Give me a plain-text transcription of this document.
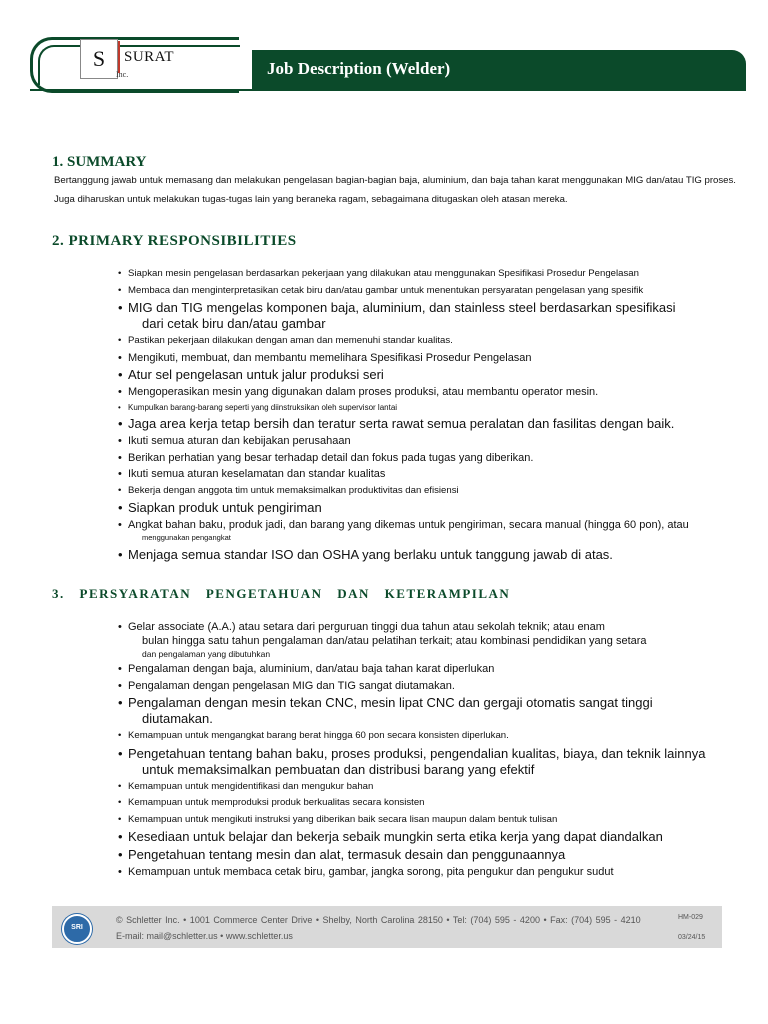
S	SURAT
Inc.	Job Description (Welder)
1. SUMMARY
Bertanggung jawab untuk memasang dan melakukan pengelasan bagian-bagian baja, aluminium, dan baja tahan karat menggunakan MIG dan/atau TIG proses. Juga diharuskan untuk melakukan tugas-tugas lain yang beraneka ragam, sebagaimana ditugaskan oleh atasan mereka.
2. PRIMARY RESPONSIBILITIES
• Siapkan mesin pengelasan berdasarkan pekerjaan yang dilakukan atau menggunakan Spesifikasi Prosedur Pengelasan
• Membaca dan menginterpretasikan cetak biru dan/atau gambar untuk menentukan persyaratan pengelasan yang spesifik
• MIG dan TIG mengelas komponen baja, aluminium, dan stainless steel berdasarkan spesifikasi
dari cetak biru dan/atau gambar
• Pastikan pekerjaan dilakukan dengan aman dan memenuhi standar kualitas.
• Mengikuti, membuat, dan membantu memelihara Spesifikasi Prosedur Pengelasan
• Atur sel pengelasan untuk jalur produksi seri
• Mengoperasikan mesin yang digunakan dalam proses produksi, atau membantu operator mesin.
• Kumpulkan barang-barang seperti yang diinstruksikan oleh supervisor lantai
• Jaga area kerja tetap bersih dan teratur serta rawat semua peralatan dan fasilitas dengan baik.
• Ikuti semua aturan dan kebijakan perusahaan
• Berikan perhatian yang besar terhadap detail dan fokus pada tugas yang diberikan.
• Ikuti semua aturan keselamatan dan standar kualitas
• Bekerja dengan anggota tim untuk memaksimalkan produktivitas dan efisiensi
• Siapkan produk untuk pengiriman
• Angkat bahan baku, produk jadi, dan barang yang dikemas untuk pengiriman, secara manual (hingga 60 pon), atau
menggunakan pengangkat
• Menjaga semua standar ISO dan OSHA yang berlaku untuk tanggung jawab di atas.
3. PERSYARATAN PENGETAHUAN DAN KETERAMPILAN
• Gelar associate (A.A.) atau setara dari perguruan tinggi dua tahun atau sekolah teknik; atau enam
bulan hingga satu tahun pengalaman dan/atau pelatihan terkait; atau kombinasi pendidikan yang setara
dan pengalaman yang dibutuhkan
• Pengalaman dengan baja, aluminium, dan/atau baja tahan karat diperlukan
• Pengalaman dengan pengelasan MIG dan TIG sangat diutamakan.
• Pengalaman dengan mesin tekan CNC, mesin lipat CNC dan gergaji otomatis sangat tinggi
diutamakan.
• Kemampuan untuk mengangkat barang berat hingga 60 pon secara konsisten diperlukan.
• Pengetahuan tentang bahan baku, proses produksi, pengendalian kualitas, biaya, dan teknik lainnya
untuk memaksimalkan pembuatan dan distribusi barang yang efektif
• Kemampuan untuk mengidentifikasi dan mengukur bahan
• Kemampuan untuk memproduksi produk berkualitas secara konsisten
• Kemampuan untuk mengikuti instruksi yang diberikan baik secara lisan maupun dalam bentuk tulisan
• Kesediaan untuk belajar dan bekerja sebaik mungkin serta etika kerja yang dapat diandalkan
• Pengetahuan tentang mesin dan alat, termasuk desain dan penggunaannya
• Kemampuan untuk membaca cetak biru, gambar, jangka sorong, pita pengukur dan pengukur sudut
SRI
© Schletter Inc. • 1001 Commerce Center Drive • Shelby, North Carolina 28150 • Tel: (704) 595 - 4200 • Fax: (704) 595 - 4210
E-mail: mail@schletter.us • www.schletter.us
HM-029
03/24/15
